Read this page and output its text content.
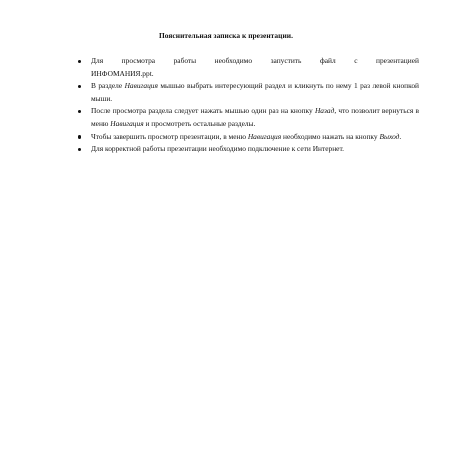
Пояснительная записка к презентации.
Для	просмотра	работы	необходимо	запустить	файл	с	презентацией
ИНФОМАНИЯ.ppt.
В разделе Навигация мышью выбрать интересующий раздел и кликнуть по нему 1 раз левой кнопкой мыши.
После просмотра раздела следует нажать мышью один раз на кнопку Назад, что позволит вернуться в меню Навигация и просмотреть остальные разделы.
Чтобы завершить просмотр презентации, в меню Навигация необходимо нажать на кнопку Выход.
Для корректной работы презентации необходимо подключение к сети Интернет.
